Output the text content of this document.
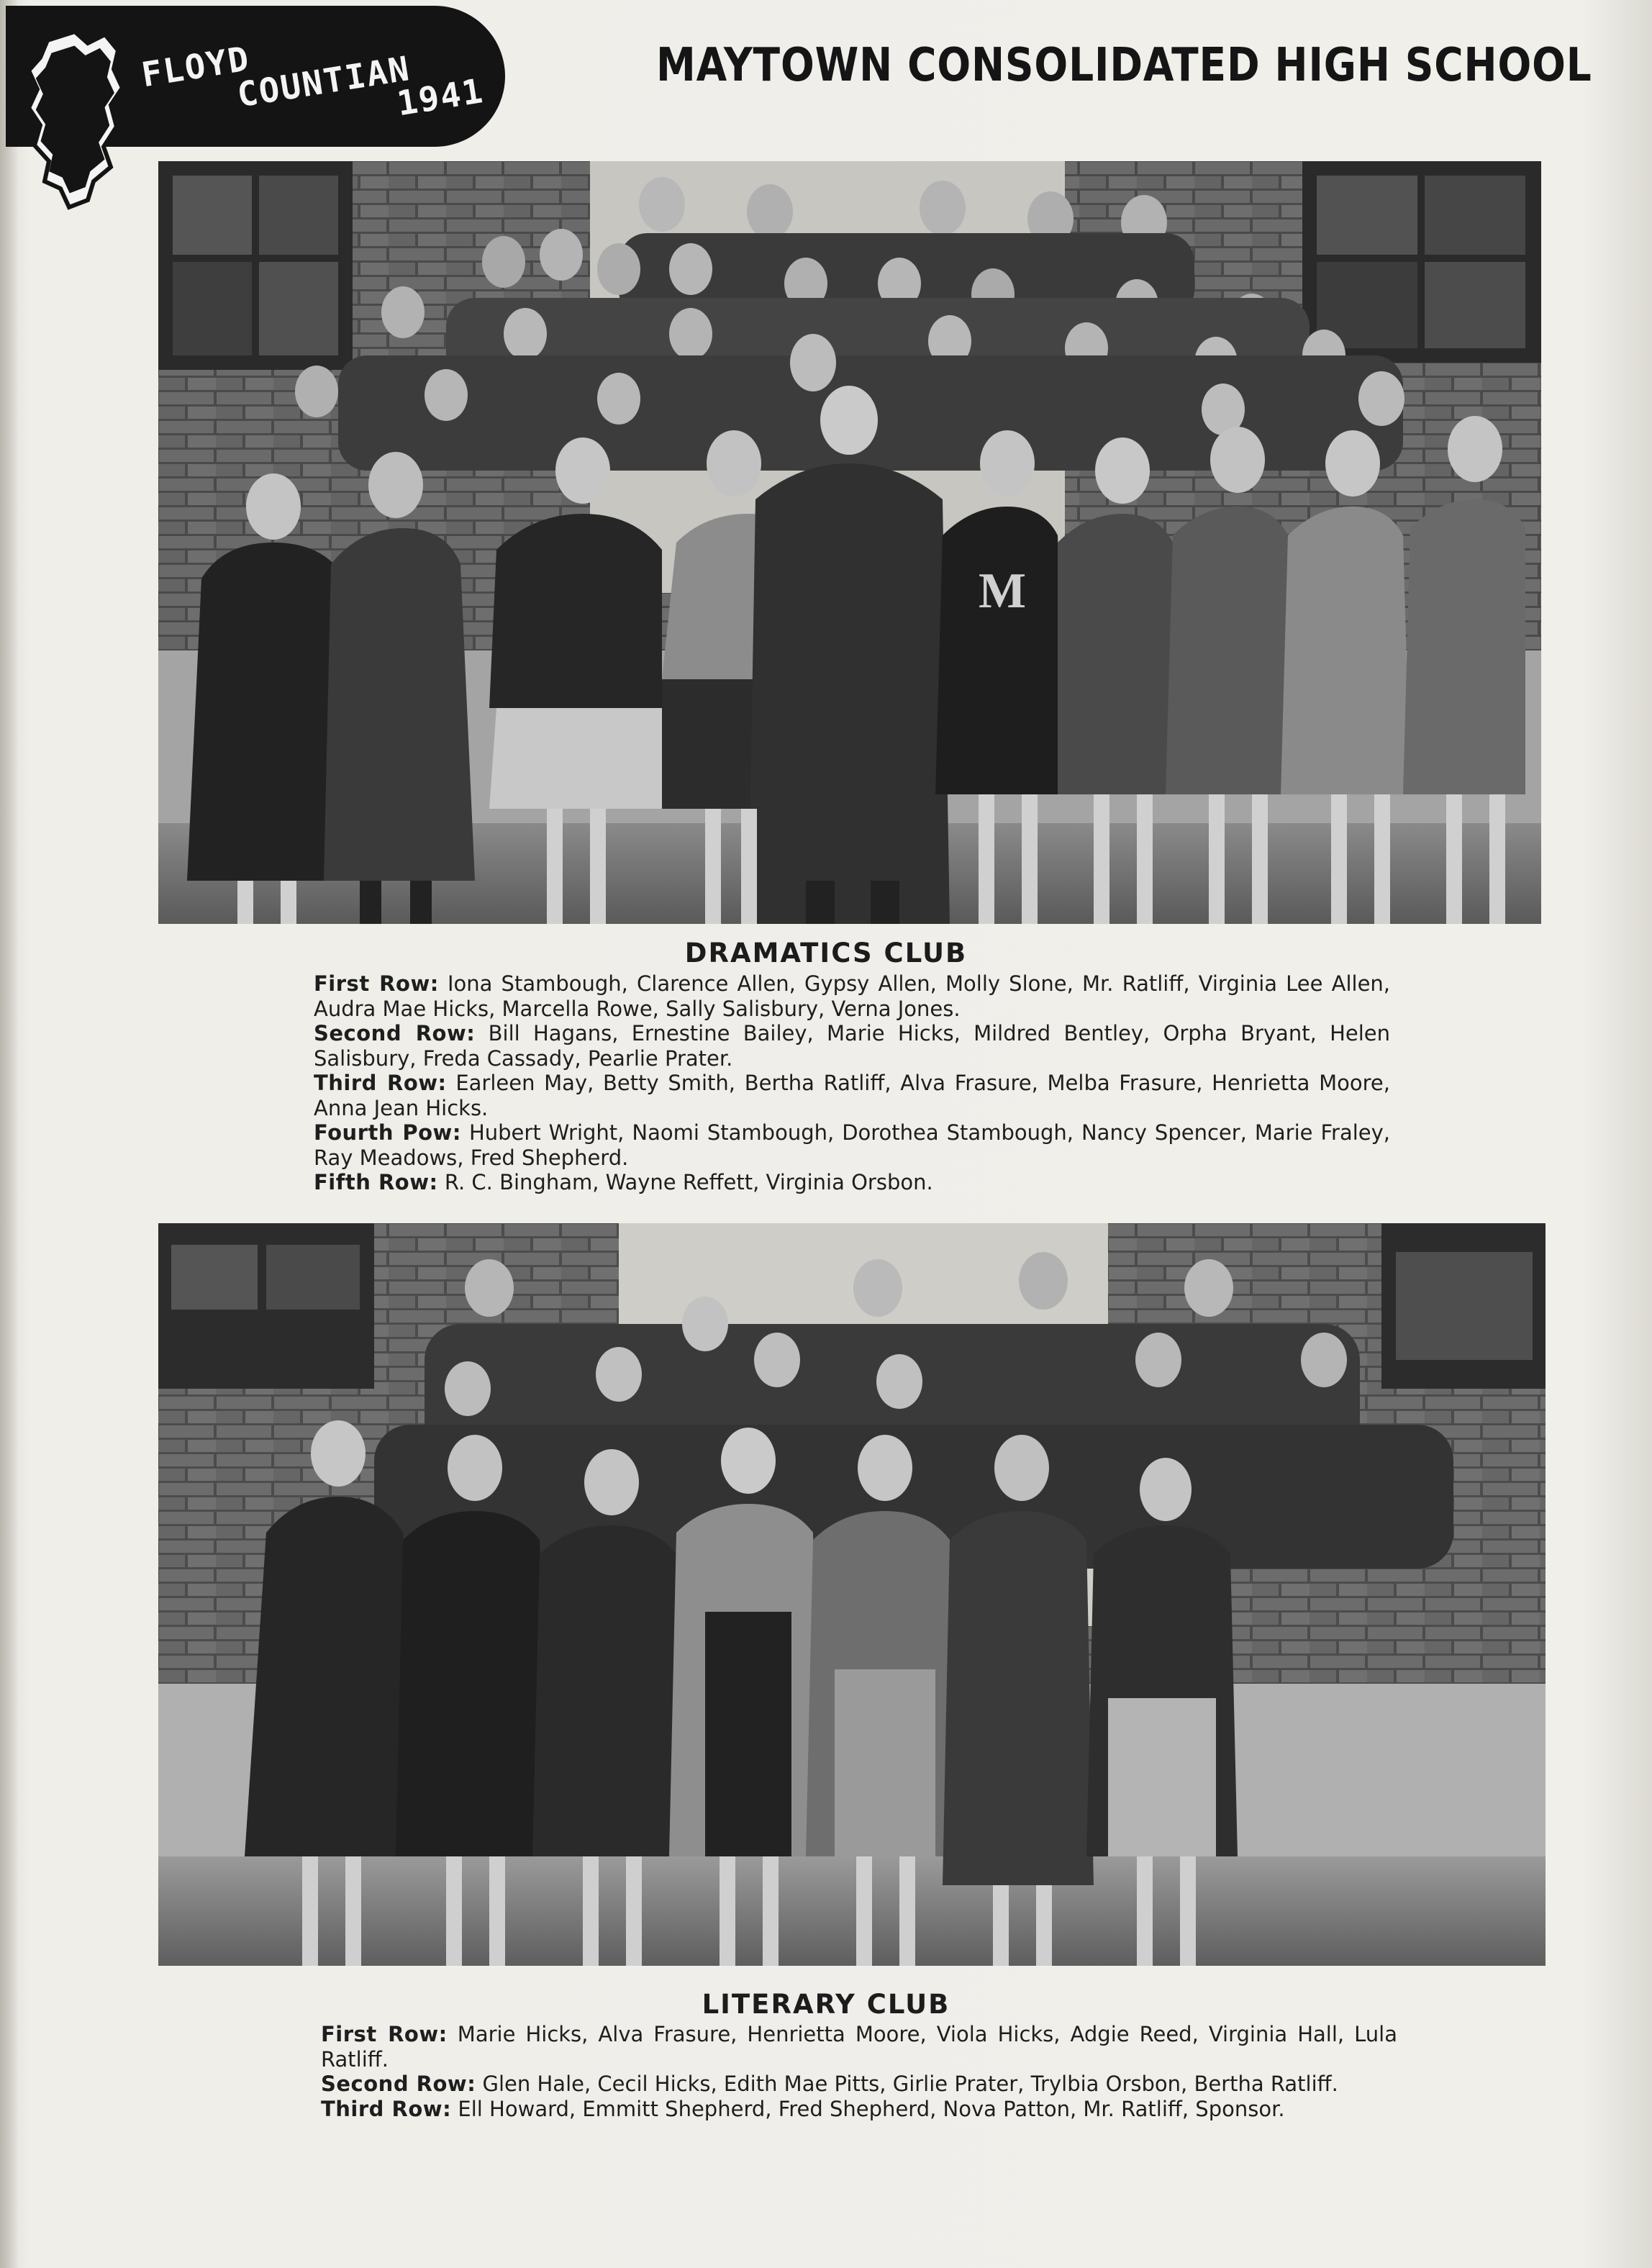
FLOYD
COUNTIAN
1941
MAYTOWN CONSOLIDATED HIGH SCHOOL
M
DRAMATICS CLUB

First Row: Iona Stambough, Clarence Allen, Gypsy Allen, Molly Slone, Mr. Ratliff, Virginia Lee Allen, Audra Mae Hicks, Marcella Rowe, Sally Salisbury, Verna Jones.

Second Row: Bill Hagans, Ernestine Bailey, Marie Hicks, Mildred Bentley, Orpha Bryant, Helen Salisbury, Freda Cassady, Pearlie Prater.

Third Row: Earleen May, Betty Smith, Bertha Ratliff, Alva Frasure, Melba Frasure, Henrietta Moore, Anna Jean Hicks.

Fourth Pow: Hubert Wright, Naomi Stambough, Dorothea Stambough, Nancy Spencer, Marie Fraley, Ray Meadows, Fred Shepherd.

Fifth Row: R. C. Bingham, Wayne Reffett, Virginia Orsbon.

LITERARY CLUB

First Row: Marie Hicks, Alva Frasure, Henrietta Moore, Viola Hicks, Adgie Reed, Virginia Hall, Lula Ratliff.

Second Row: Glen Hale, Cecil Hicks, Edith Mae Pitts, Girlie Prater, Trylbia Orsbon, Bertha Ratliff.

Third Row: Ell Howard, Emmitt Shepherd, Fred Shepherd, Nova Patton, Mr. Ratliff, Sponsor.
